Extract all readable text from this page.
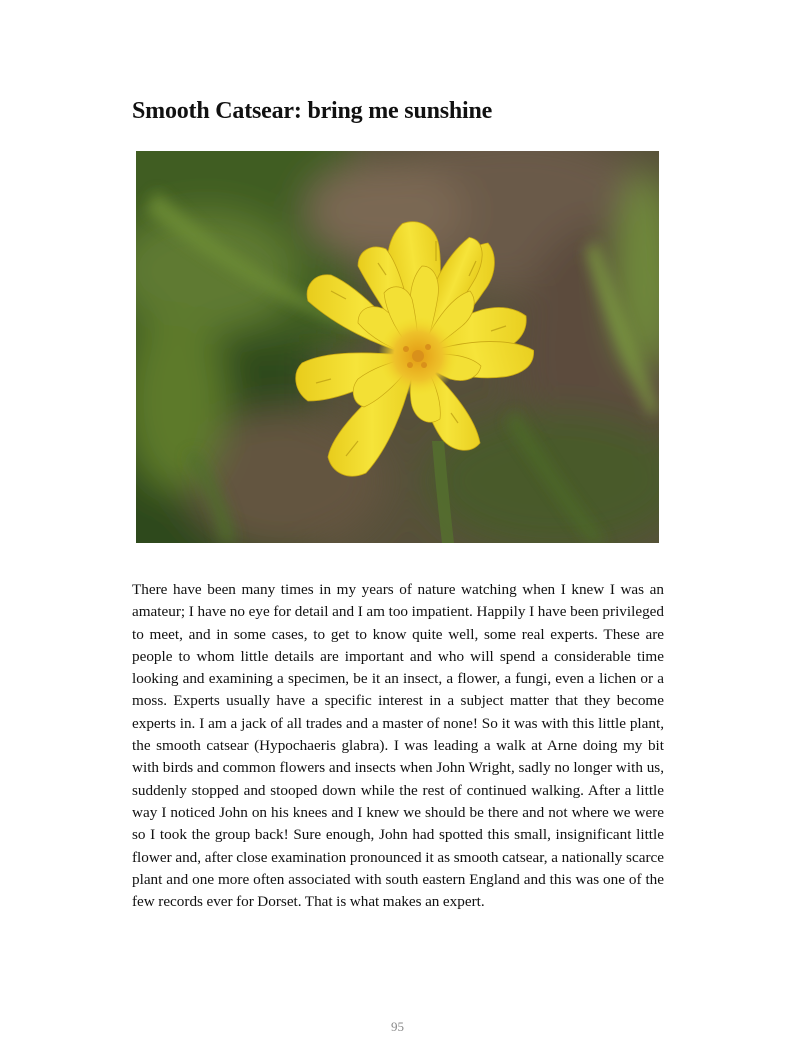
Smooth Catsear: bring me sunshine

There have been many times in my years of nature watching when I knew I was an amateur; I have no eye for detail and I am too impatient. Happily I have been privileged to meet, and in some cases, to get to know quite well, some real experts. These are people to whom little details are important and who will spend a considerable time looking and examining a specimen, be it an insect, a flower, a fungi, even a lichen or a moss. Experts usually have a specific interest in a subject matter that they become experts in. I am a jack of all trades and a master of none! So it was with this little plant, the smooth catsear (Hypochaeris glabra). I was leading a walk at Arne doing my bit with birds and common flowers and insects when John Wright, sadly no longer with us, suddenly stopped and stooped down while the rest of continued walking. After a little way I noticed John on his knees and I knew we should be there and not where we were so I took the group back! Sure enough, John had spotted this small, insignificant little flower and, after close examination pronounced it as smooth catsear, a nationally scarce plant and one more often associated with south eastern England and this was one of the few records ever for Dorset. That is what makes an expert.

95
